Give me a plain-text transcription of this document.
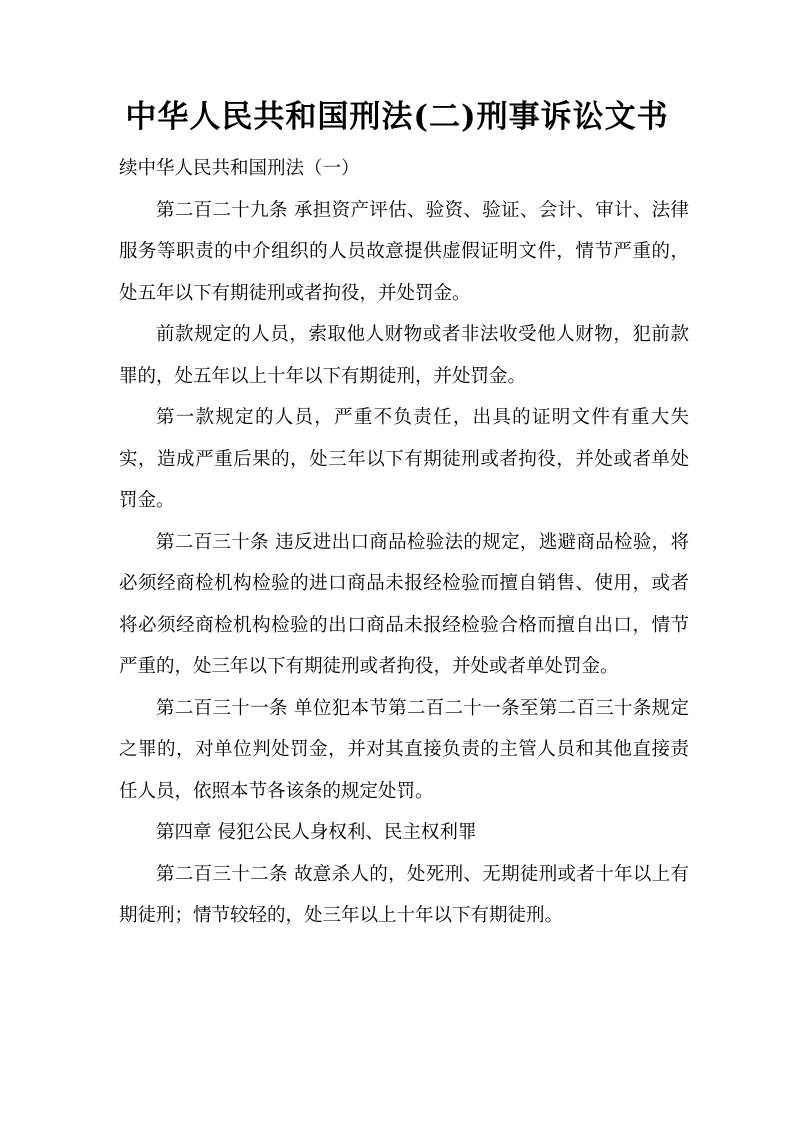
中华人民共和国刑法(二)刑事诉讼文书

续中华人民共和国刑法（一）

第二百二十九条 承担资产评估、验资、验证、会计、审计、法律服务等职责的中介组织的人员故意提供虚假证明文件，情节严重的，处五年以下有期徒刑或者拘役，并处罚金。

前款规定的人员，索取他人财物或者非法收受他人财物，犯前款罪的，处五年以上十年以下有期徒刑，并处罚金。

第一款规定的人员，严重不负责任，出具的证明文件有重大失实，造成严重后果的，处三年以下有期徒刑或者拘役，并处或者单处罚金。

第二百三十条 违反进出口商品检验法的规定，逃避商品检验，将必须经商检机构检验的进口商品未报经检验而擅自销售、使用，或者将必须经商检机构检验的出口商品未报经检验合格而擅自出口，情节严重的，处三年以下有期徒刑或者拘役，并处或者单处罚金。

第二百三十一条 单位犯本节第二百二十一条至第二百三十条规定之罪的，对单位判处罚金，并对其直接负责的主管人员和其他直接责任人员，依照本节各该条的规定处罚。

第四章 侵犯公民人身权利、民主权利罪

第二百三十二条 故意杀人的，处死刑、无期徒刑或者十年以上有期徒刑；情节较轻的，处三年以上十年以下有期徒刑。
